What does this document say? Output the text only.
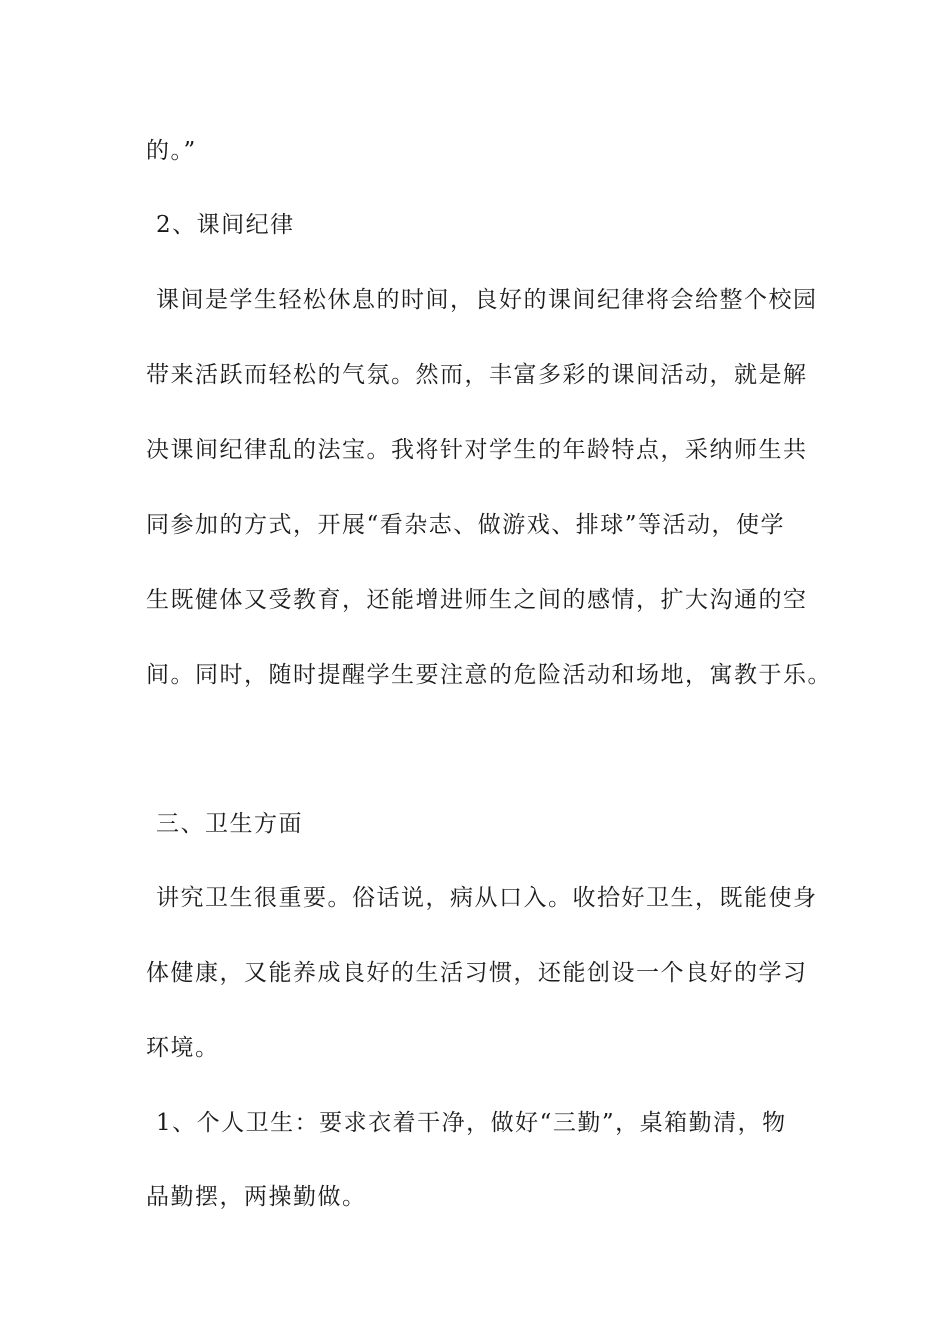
的。”
2、课间纪律
课间是学生轻松休息的时间，良好的课间纪律将会给整个校园
带来活跃而轻松的气氛。然而，丰富多彩的课间活动，就是解
决课间纪律乱的法宝。我将针对学生的年龄特点，采纳师生共
同参加的方式，开展“看杂志、做游戏、排球”等活动，使学
生既健体又受教育，还能增进师生之间的感情，扩大沟通的空
间。同时，随时提醒学生要注意的危险活动和场地，寓教于乐。
三、卫生方面
讲究卫生很重要。俗话说，病从口入。收拾好卫生，既能使身
体健康，又能养成良好的生活习惯，还能创设一个良好的学习
环境。
1、个人卫生：要求衣着干净，做好“三勤”，桌箱勤清，物
品勤摆，两操勤做。
